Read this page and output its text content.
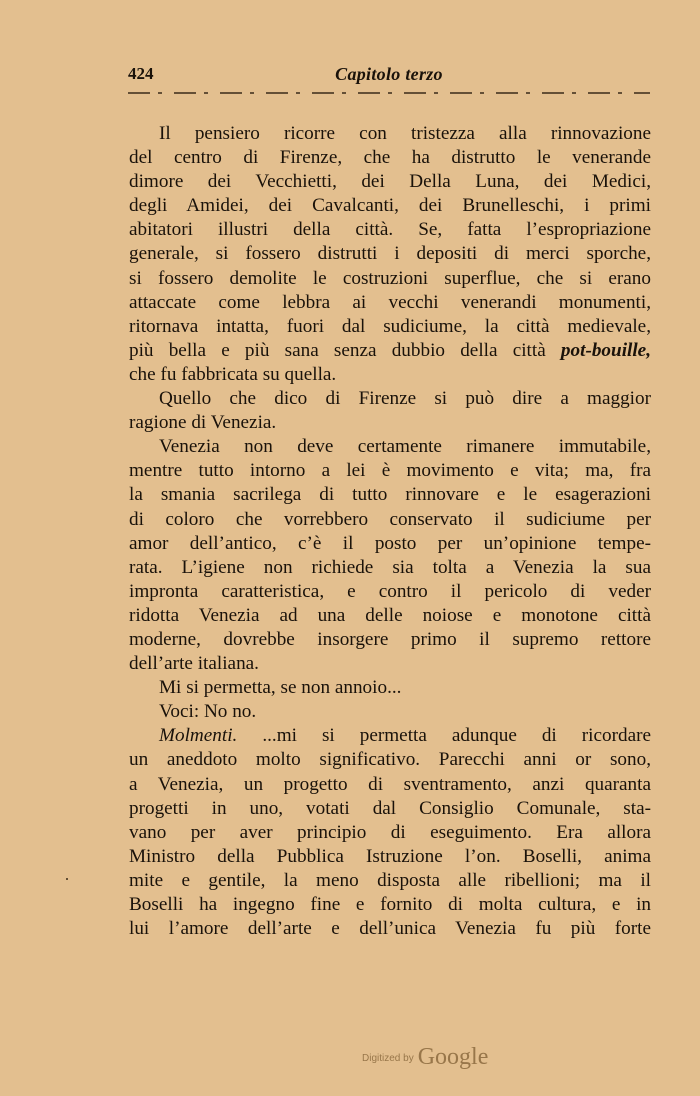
424	Capitolo terzo
Il pensiero ricorre con tristezza alla rinnovazione
del centro di Firenze, che ha distrutto le venerande
dimore dei Vecchietti, dei Della Luna, dei Medici,
degli Amidei, dei Cavalcanti, dei Brunelleschi, i primi
abitatori illustri della città. Se, fatta l’espropriazione
generale, si fossero distrutti i depositi di merci sporche,
si fossero demolite le costruzioni superflue, che si erano
attaccate come lebbra ai vecchi venerandi monumenti,
ritornava intatta, fuori dal sudiciume, la città medievale,
più bella e più sana senza dubbio della città pot-bouille,
che fu fabbricata su quella.
Quello che dico di Firenze si può dire a maggior
ragione di Venezia.
Venezia non deve certamente rimanere immutabile,
mentre tutto intorno a lei è movimento e vita; ma, fra
la smania sacrilega di tutto rinnovare e le esagerazioni
di coloro che vorrebbero conservato il sudiciume per
amor dell’antico, c’è il posto per un’opinione tempe-
rata. L’igiene non richiede sia tolta a Venezia la sua
impronta caratteristica, e contro il pericolo di veder
ridotta Venezia ad una delle noiose e monotone città
moderne, dovrebbe insorgere primo il supremo rettore
dell’arte italiana.
Mi si permetta, se non annoio...
Voci: No no.
Molmenti. ...mi si permetta adunque di ricordare
un aneddoto molto significativo. Parecchi anni or sono,
a Venezia, un progetto di sventramento, anzi quaranta
progetti in uno, votati dal Consiglio Comunale, sta-
vano per aver principio di eseguimento. Era allora
Ministro della Pubblica Istruzione l’on. Boselli, anima
mite e gentile, la meno disposta alle ribellioni; ma il
Boselli ha ingegno fine e fornito di molta cultura, e in
lui l’amore dell’arte e dell’unica Venezia fu più forte
Digitized by Google
